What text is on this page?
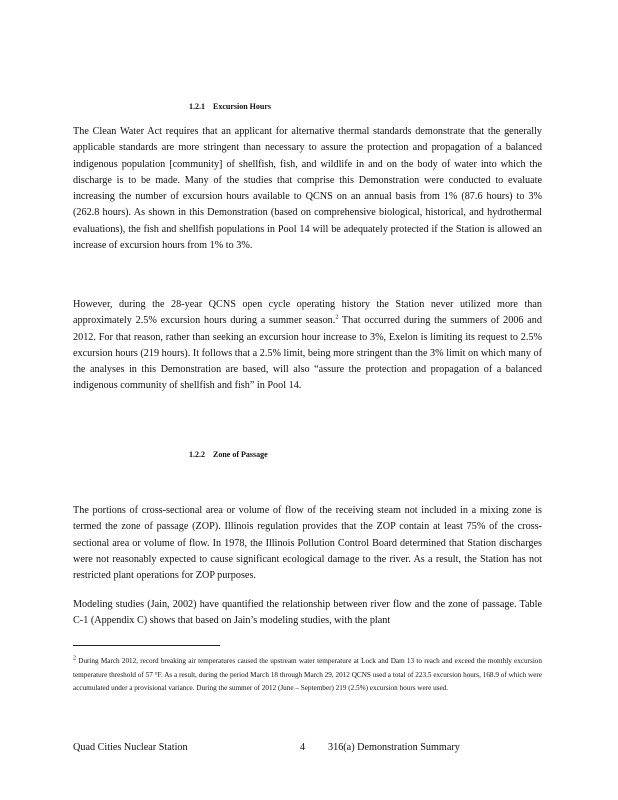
1.2.1 Excursion Hours

The Clean Water Act requires that an applicant for alternative thermal standards demonstrate that the generally applicable standards are more stringent than necessary to assure the protection and propagation of a balanced indigenous population [community] of shellfish, fish, and wildlife in and on the body of water into which the discharge is to be made. Many of the studies that comprise this Demonstration were conducted to evaluate increasing the number of excursion hours available to QCNS on an annual basis from 1% (87.6 hours) to 3% (262.8 hours). As shown in this Demonstration (based on comprehensive biological, historical, and hydrothermal evaluations), the fish and shellfish populations in Pool 14 will be adequately protected if the Station is allowed an increase of excursion hours from 1% to 3%.

However, during the 28-year QCNS open cycle operating history the Station never utilized more than approximately 2.5% excursion hours during a summer season.$^2$ That occurred during the summers of 2006 and 2012. For that reason, rather than seeking an excursion hour increase to 3%, Exelon is limiting its request to 2.5% excursion hours (219 hours). It follows that a 2.5% limit, being more stringent than the 3% limit on which many of the analyses in this Demonstration are based, will also “assure the protection and propagation of a balanced indigenous community of shellfish and fish” in Pool 14.

1.2.2 Zone of Passage

The portions of cross-sectional area or volume of flow of the receiving steam not included in a mixing zone is termed the zone of passage (ZOP). Illinois regulation provides that the ZOP contain at least 75% of the cross-sectional area or volume of flow. In 1978, the Illinois Pollution Control Board determined that Station discharges were not reasonably expected to cause significant ecological damage to the river. As a result, the Station has not restricted plant operations for ZOP purposes.

Modeling studies (Jain, 2002) have quantified the relationship between river flow and the zone of passage. Table C-1 (Appendix C) shows that based on Jain’s modeling studies, with the plant

$^2$ During March 2012, record breaking air temperatures caused the upstream water temperature at Lock and Dam 13 to reach and exceed the monthly excursion temperature threshold of 57 °F. As a result, during the period March 18 through March 29, 2012 QCNS used a total of 223.5 excursion hours, 168.9 of which were accumulated under a provisional variance. During the summer of 2012 (June – September) 219 (2.5%) excursion hours were used.

Quad Cities Nuclear Station	4 316(a) Demonstration Summary
